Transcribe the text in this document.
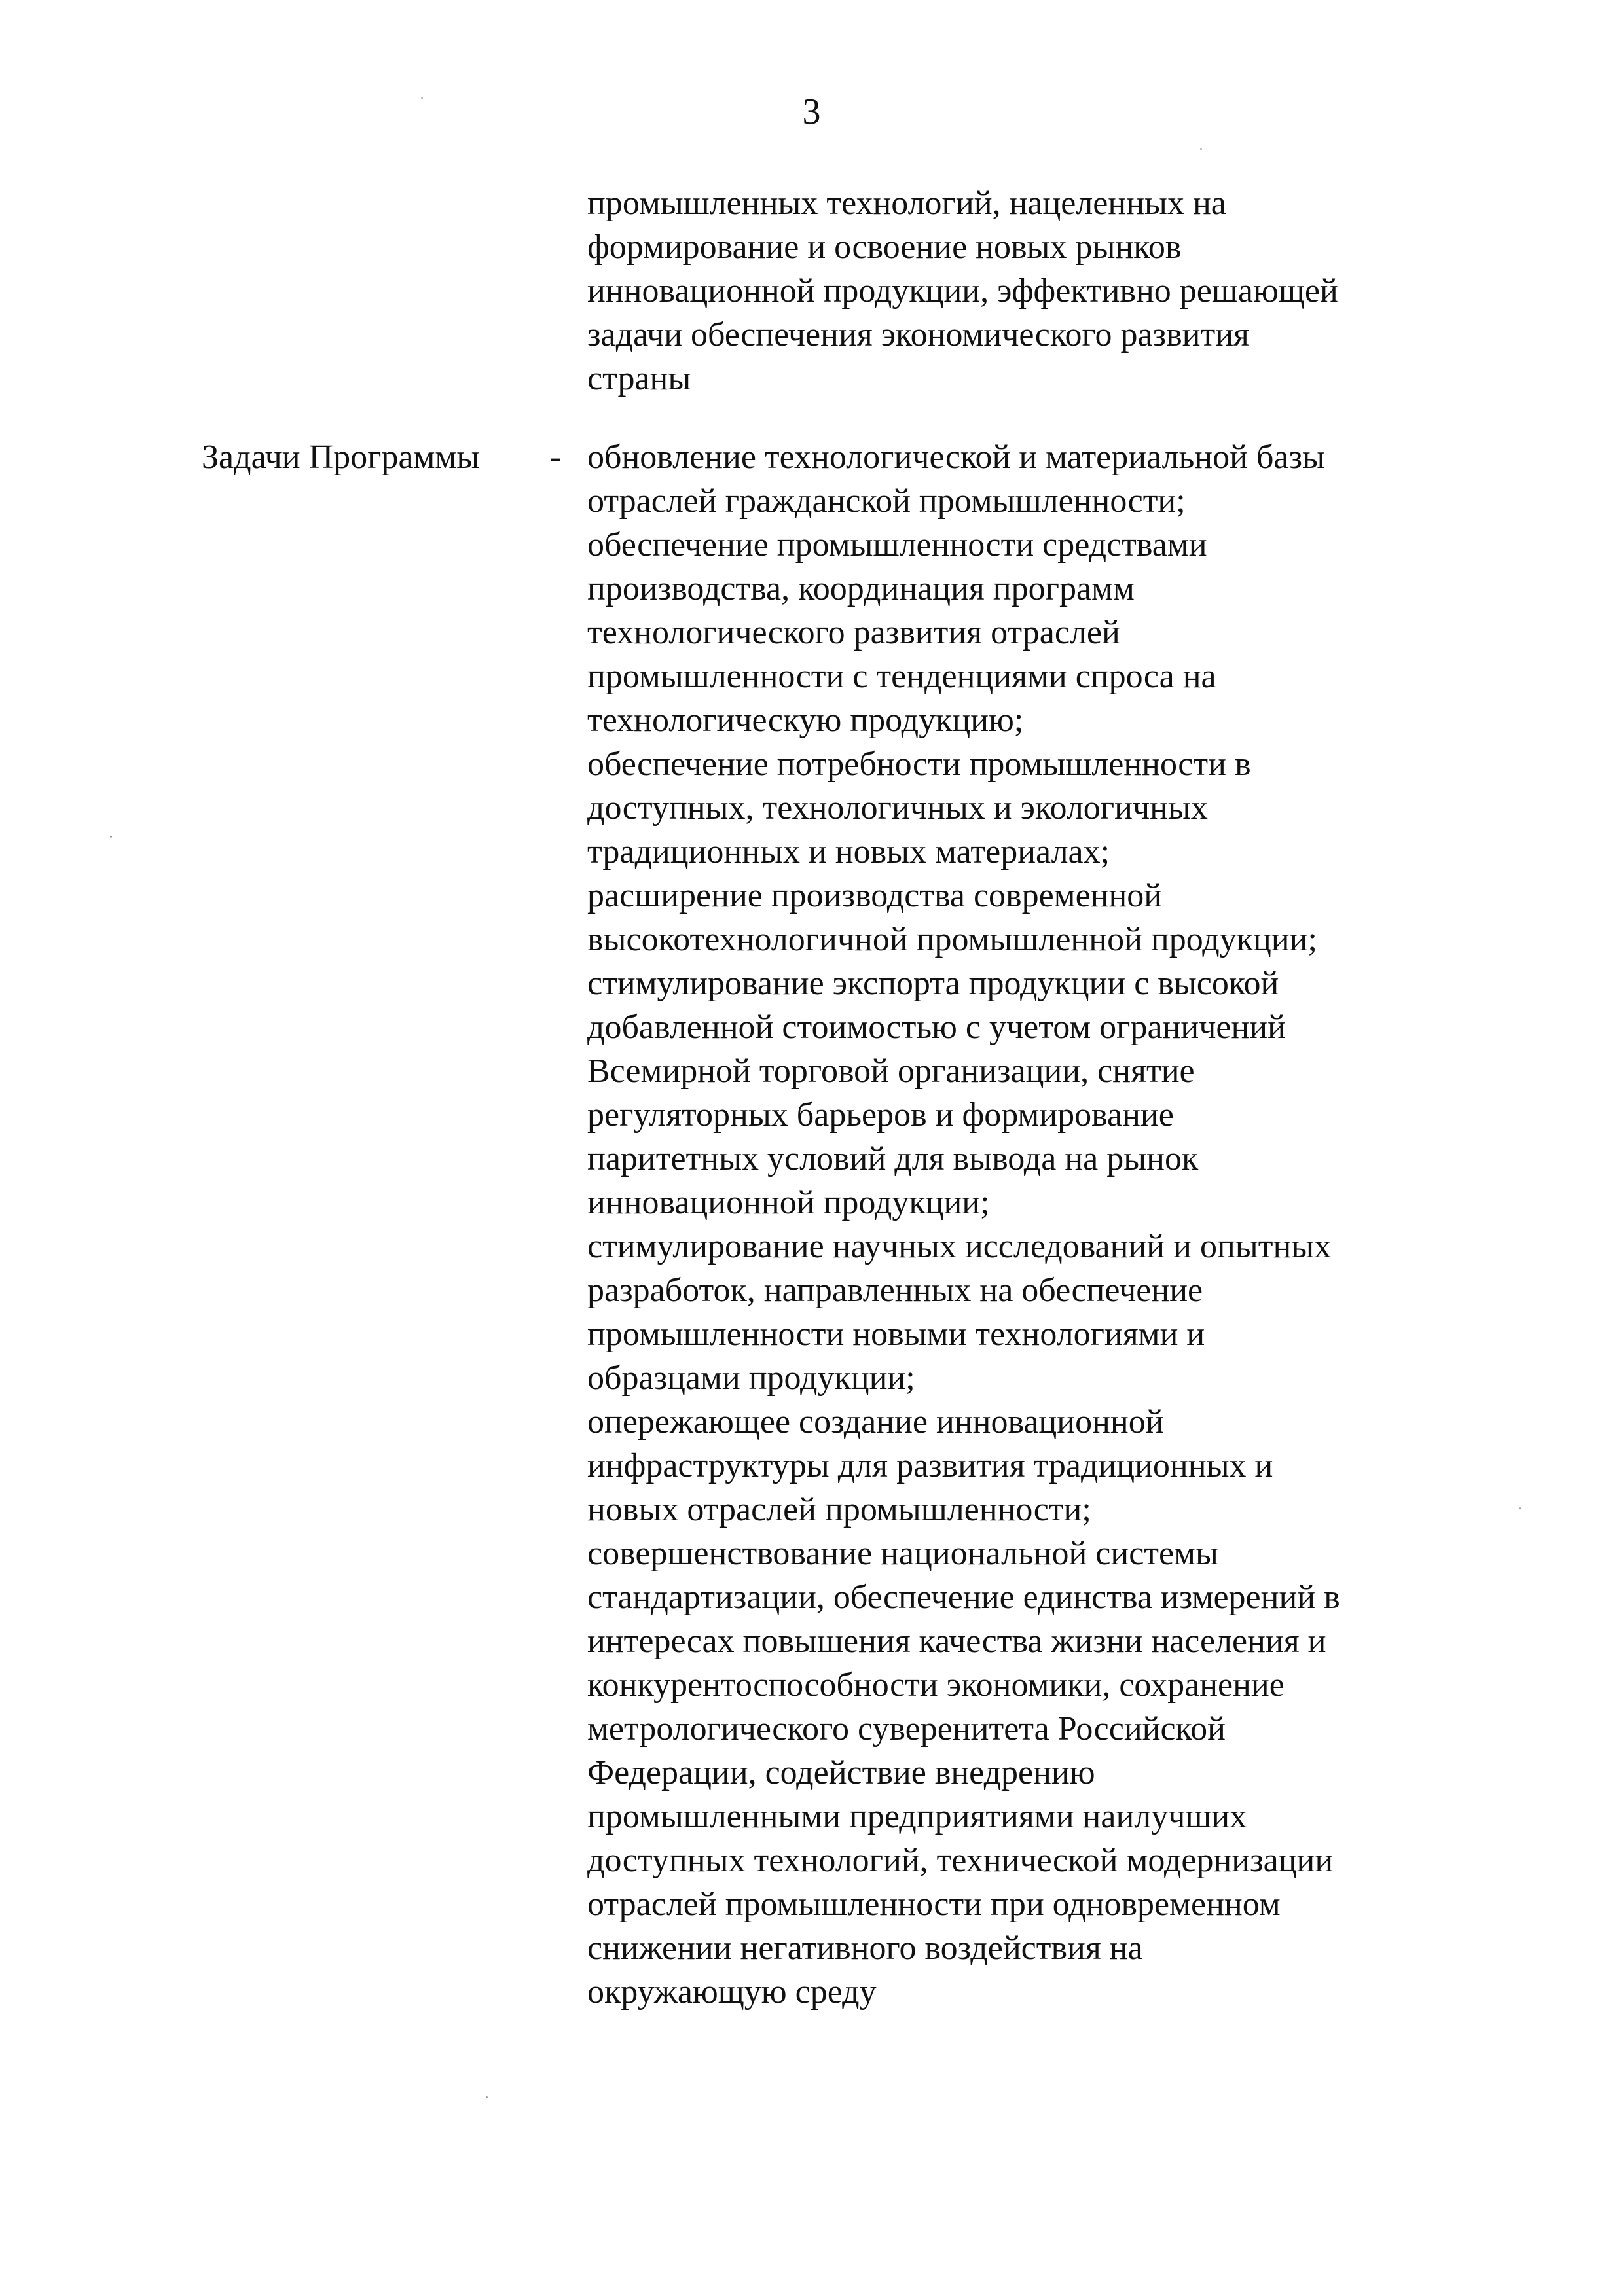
3
промышленных технологий, нацеленных на
формирование и освоение новых рынков
инновационной продукции, эффективно решающей
задачи обеспечения экономического развития
страны
Задачи Программы - обновление технологической и материальной базы
отраслей гражданской промышленности;
обеспечение промышленности средствами
производства, координация программ
технологического развития отраслей
промышленности с тенденциями спроса на
технологическую продукцию;
обеспечение потребности промышленности в
доступных, технологичных и экологичных
традиционных и новых материалах;
расширение производства современной
высокотехнологичной промышленной продукции;
стимулирование экспорта продукции с высокой
добавленной стоимостью с учетом ограничений
Всемирной торговой организации, снятие
регуляторных барьеров и формирование
паритетных условий для вывода на рынок
инновационной продукции;
стимулирование научных исследований и опытных
разработок, направленных на обеспечение
промышленности новыми технологиями и
образцами продукции;
опережающее создание инновационной
инфраструктуры для развития традиционных и
новых отраслей промышленности;
совершенствование национальной системы
стандартизации, обеспечение единства измерений в
интересах повышения качества жизни населения и
конкурентоспособности экономики, сохранение
метрологического суверенитета Российской
Федерации, содействие внедрению
промышленными предприятиями наилучших
доступных технологий, технической модернизации
отраслей промышленности при одновременном
снижении негативного воздействия на
окружающую среду
